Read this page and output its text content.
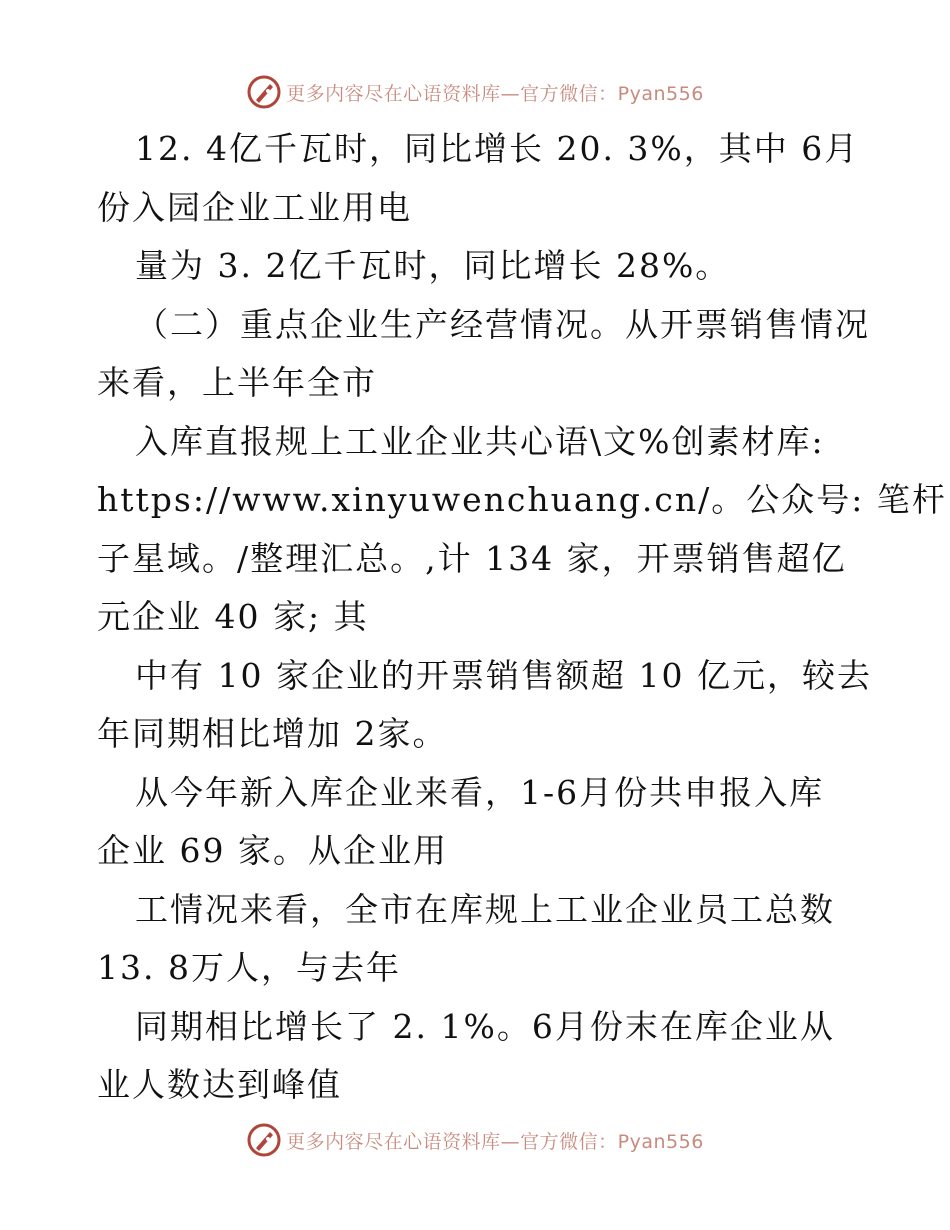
更多内容尽在心语资料库—官方微信：Pyan556
12. 4亿千瓦时，同比增长 20. 3%，其中 6月
份入园企业工业用电
量为 3. 2亿千瓦时，同比增长 28%。
（二）重点企业生产经营情况。从开票销售情况
来看，上半年全市
入库直报规上工业企业共心语\文%创素材库:
https://www.xinyuwenchuang.cn/。公众号: 笔杆
子星域。/整理汇总。,计 134 家，开票销售超亿
元企业 40 家; 其
中有 10 家企业的开票销售额超 10 亿元，较去
年同期相比增加 2家。
从今年新入库企业来看，1-6月份共申报入库
企业 69 家。从企业用
工情况来看，全市在库规上工业企业员工总数
13. 8万人，与去年
同期相比增长了 2. 1%。6月份末在库企业从
业人数达到峰值
更多内容尽在心语资料库—官方微信：Pyan556
